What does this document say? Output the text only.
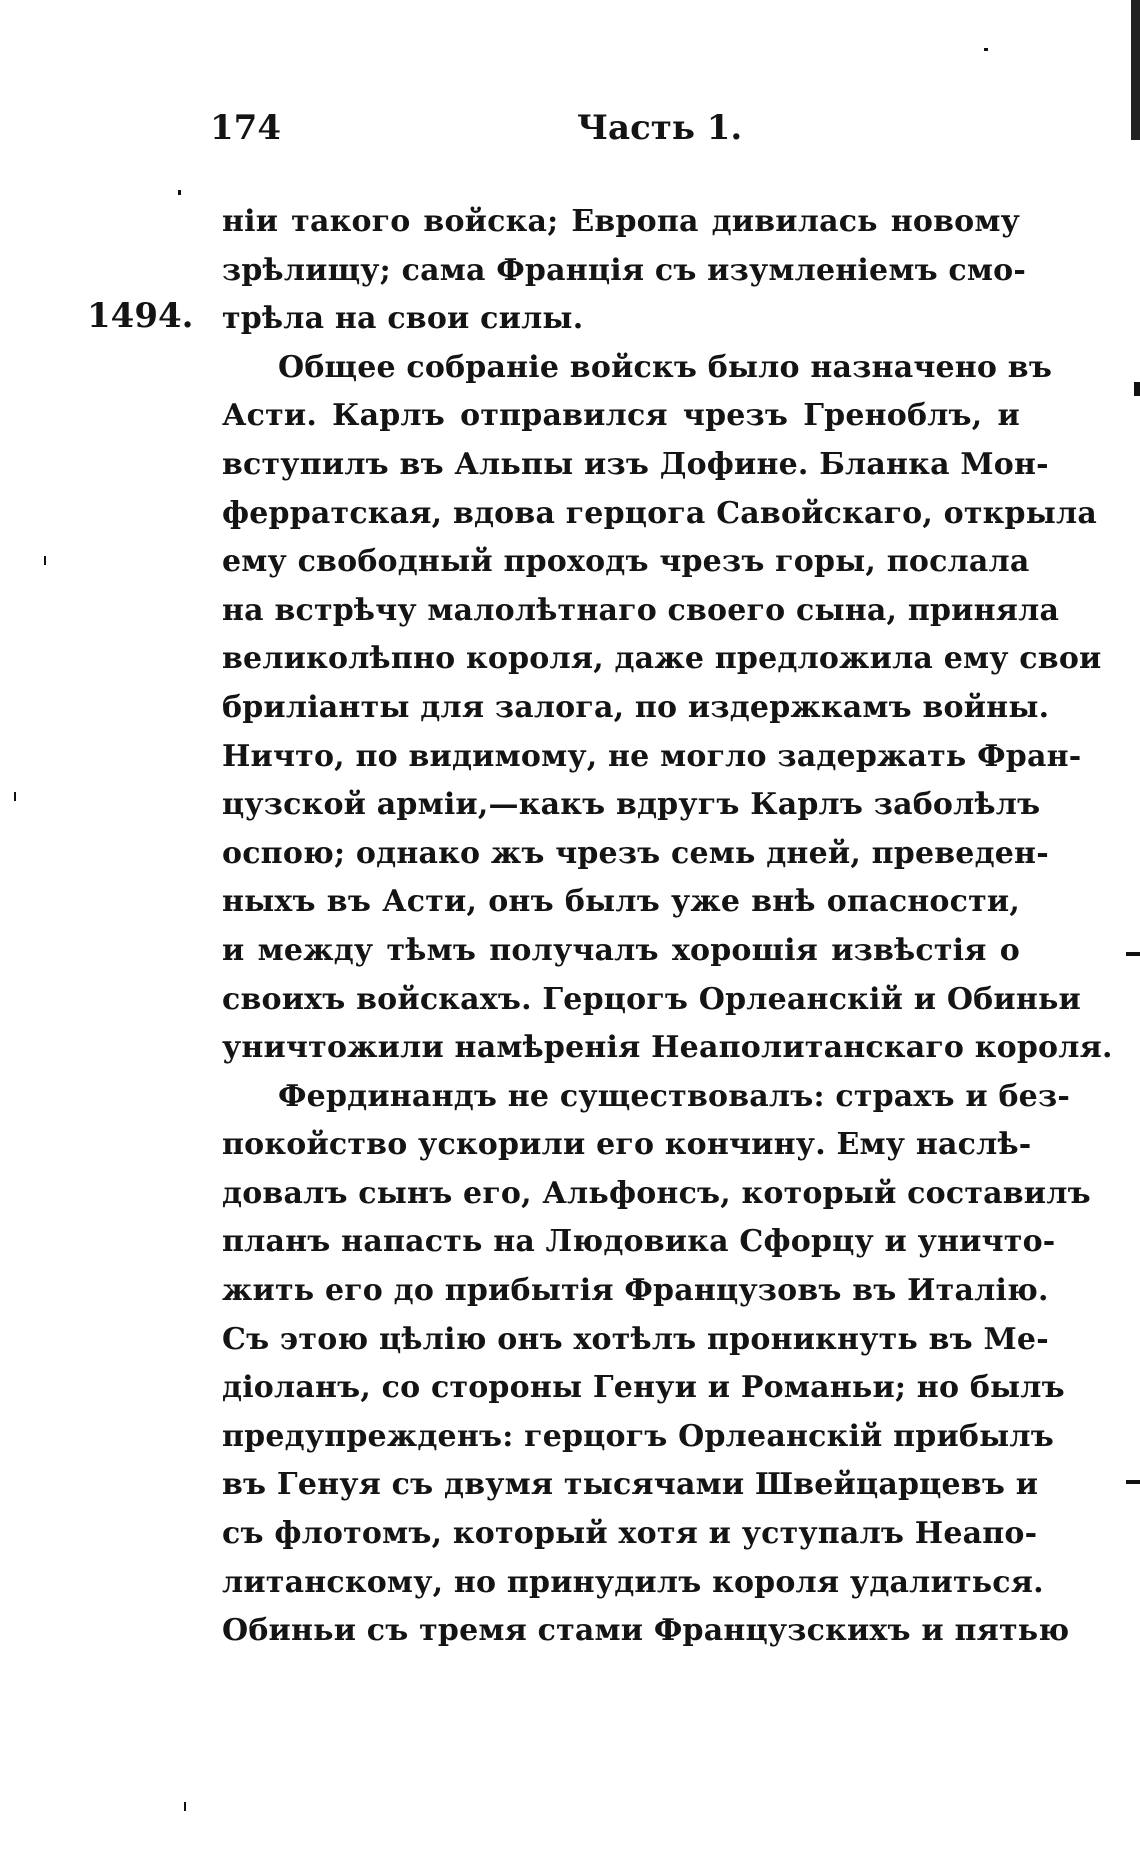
174	Часть 1.
1494.
ніи такого войска; Европа дивилась новому
зрѣлищу; сама Франція съ изумленіемъ смо-
трѣла на свои силы.
Общее собраніе войскъ было назначено въ
Асти. Карлъ отправился чрезъ Греноблъ, и
вступилъ въ Альпы изъ Дофине. Бланка Мон-
ферратская, вдова герцога Савойскаго, открыла
ему свободный проходъ чрезъ горы, послала
на встрѣчу малолѣтнаго своего сына, приняла
великолѣпно короля, даже предложила ему свои
бриліанты для залога, по издержкамъ войны.
Ничто, по видимому, не могло задержать Фран-
цузской арміи,—какъ вдругъ Карлъ заболѣлъ
оспою; однако жъ чрезъ семь дней, преведен-
ныхъ въ Асти, онъ былъ уже внѣ опасности,
и между тѣмъ получалъ хорошія извѣстія о
своихъ войскахъ. Герцогъ Орлеанскій и Обиньи
уничтожили намѣренія Неаполитанскаго короля.
Фердинандъ не существовалъ: страхъ и без-
покойство ускорили его кончину. Ему наслѣ-
довалъ сынъ его, Альфонсъ, который составилъ
планъ напасть на Людовика Сфорцу и уничто-
жить его до прибытія Французовъ въ Италію.
Съ этою цѣлію онъ хотѣлъ проникнуть въ Ме-
діоланъ, со стороны Генуи и Романьи; но былъ
предупрежденъ: герцогъ Орлеанскій прибылъ
въ Генуя съ двумя тысячами Швейцарцевъ и
съ флотомъ, который хотя и уступалъ Неапо-
литанскому, но принудилъ короля удалиться.
Обиньи съ тремя стами Французскихъ и пятью
